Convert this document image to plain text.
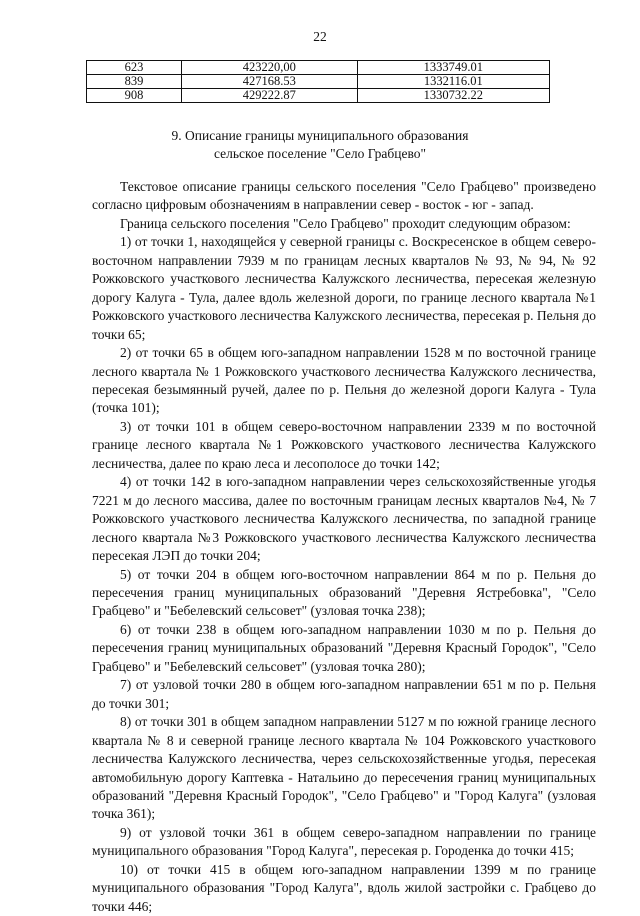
22
623	423220,00	1333749.01
839	427168.53	1332116.01
908	429222.87	1330732.22
9. Описание границы муниципального образования
сельское поселение "Село Грабцево"

Текстовое описание границы сельского поселения "Село Грабцево" произведено согласно цифровым обозначениям в направлении север - восток - юг - запад.

Граница сельского поселения "Село Грабцево" проходит следующим образом:

1) от точки 1, находящейся у северной границы с. Воскресенское в общем северо-восточном направлении 7939 м по границам лесных кварталов № 93, № 94, № 92 Рожковского участкового лесничества Калужского лесничества, пересекая железную дорогу Калуга - Тула, далее вдоль железной дороги, по границе лесного квартала №1 Рожковского участкового лесничества Калужского лесничества, пересекая р. Пельня до точки 65;

2) от точки 65 в общем юго-западном направлении 1528 м по восточной границе лесного квартала № 1 Рожковского участкового лесничества Калужского лесничества, пересекая безымянный ручей, далее по р. Пельня до железной дороги Калуга - Тула (точка 101);

3) от точки 101 в общем северо-восточном направлении 2339 м по восточной границе лесного квартала №1 Рожковского участкового лесничества Калужского лесничества, далее по краю леса и лесополосе до точки 142;

4) от точки 142 в юго-западном направлении через сельскохозяйственные угодья 7221 м до лесного массива, далее по восточным границам лесных кварталов №4, № 7 Рожковского участкового лесничества Калужского лесничества, по западной границе лесного квартала №3 Рожковского участкового лесничества Калужского лесничества пересекая ЛЭП до точки 204;

5) от точки 204 в общем юго-восточном направлении 864 м по р. Пельня до пересечения границ муниципальных образований "Деревня Ястребовка", "Село Грабцево" и "Бебелевский сельсовет" (узловая точка 238);

6) от точки 238 в общем юго-западном направлении 1030 м по р. Пельня до пересечения границ муниципальных образований "Деревня Красный Городок", "Село Грабцево" и "Бебелевский сельсовет" (узловая точка 280);

7) от узловой точки 280 в общем юго-западном направлении 651 м по р. Пельня до точки 301;

8) от точки 301 в общем западном направлении 5127 м по южной границе лесного квартала № 8 и северной границе лесного квартала № 104 Рожковского участкового лесничества Калужского лесничества, через сельскохозяйственные угодья, пересекая автомобильную дорогу Каптевка - Натальино до пересечения границ муниципальных образований "Деревня Красный Городок", "Село Грабцево" и "Город Калуга" (узловая точка 361);

9) от узловой точки 361 в общем северо-западном направлении по границе муниципального образования "Город Калуга", пересекая р. Городенка до точки 415;

10) от точки 415 в общем юго-западном направлении 1399 м по границе муниципального образования "Город Калуга", вдоль жилой застройки с. Грабцево до точки 446;
